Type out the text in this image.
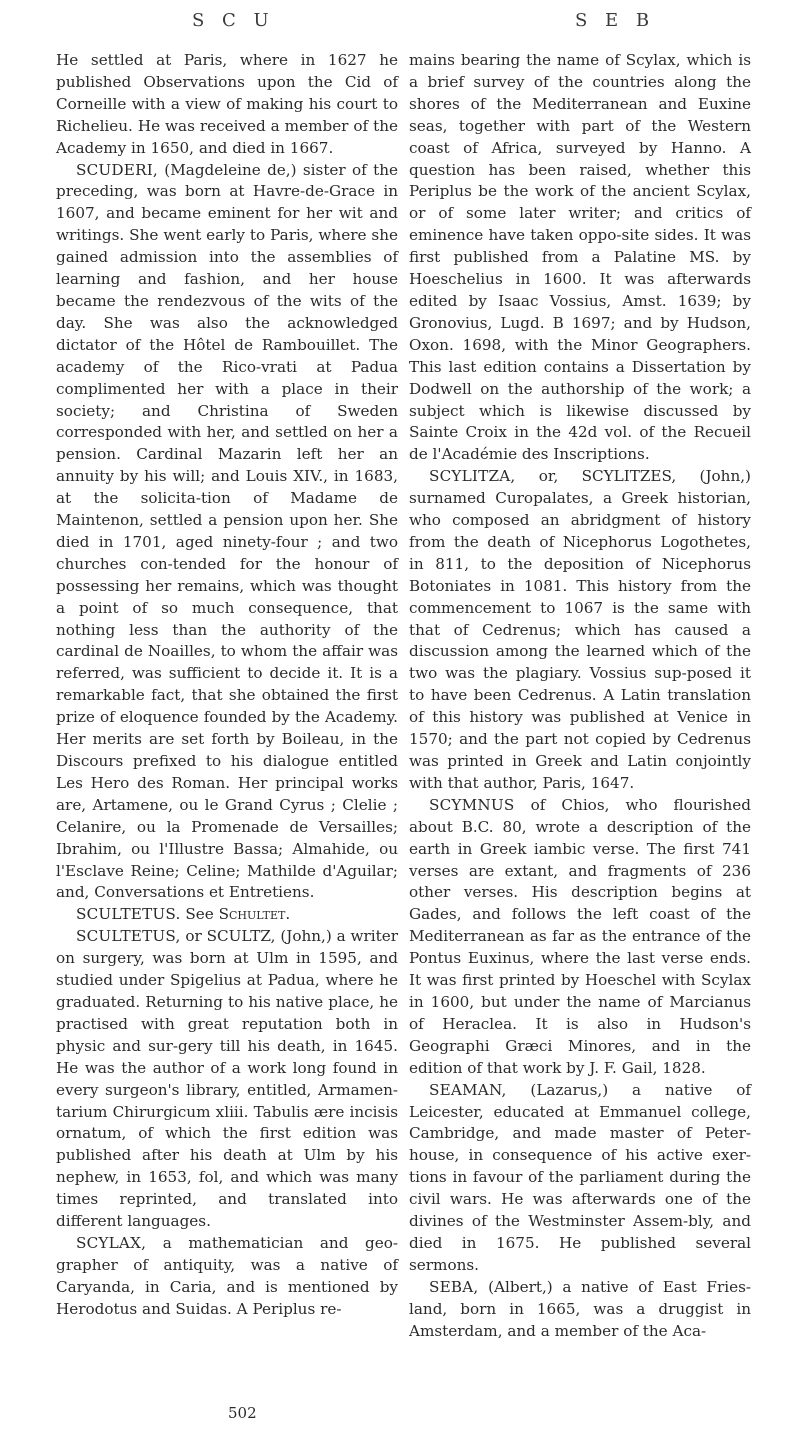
S C U	S E B

He settled at Paris, where in 1627 he published Observations upon the Cid of Corneille with a view of making his court to Richelieu. He was received a member of the Academy in 1650, and died in 1667.

SCUDERI, (Magdeleine de,) sister of the preceding, was born at Havre-de-Grace in 1607, and became eminent for her wit and writings. She went early to Paris, where she gained admission into the assemblies of learning and fashion, and her house became the rendezvous of the wits of the day. She was also the acknowledged dictator of the Hôtel de Rambouillet. The academy of the Rico-vrati at Padua complimented her with a place in their society; and Christina of Sweden corresponded with her, and settled on her a pension. Cardinal Mazarin left her an annuity by his will; and Louis XIV., in 1683, at the solicita-tion of Madame de Maintenon, settled a pension upon her. She died in 1701, aged ninety-four ; and two churches con-tended for the honour of possessing her remains, which was thought a point of so much consequence, that nothing less than the authority of the cardinal de Noailles, to whom the affair was referred, was sufficient to decide it. It is a remarkable fact, that she obtained the first prize of eloquence founded by the Academy. Her merits are set forth by Boileau, in the Discours prefixed to his dialogue entitled Les Hero des Roman. Her principal works are, Artamene, ou le Grand Cyrus ; Clelie ; Celanire, ou la Promenade de Versailles; Ibrahim, ou l'Illustre Bassa; Almahide, ou l'Esclave Reine; Celine; Mathilde d'Aguilar; and, Conversations et Entretiens.

SCULTETUS. See Schultet.

SCULTETUS, or SCULTZ, (John,) a writer on surgery, was born at Ulm in 1595, and studied under Spigelius at Padua, where he graduated. Returning to his native place, he practised with great reputation both in physic and sur-gery till his death, in 1645. He was the author of a work long found in every surgeon's library, entitled, Armamen-tarium Chirurgicum xliii. Tabulis ære incisis ornatum, of which the first edition was published after his death at Ulm by his nephew, in 1653, fol, and which was many times reprinted, and translated into different languages.

SCYLAX, a mathematician and geo-grapher of antiquity, was a native of Caryanda, in Caria, and is mentioned by Herodotus and Suidas. A Periplus re-

mains bearing the name of Scylax, which is a brief survey of the countries along the shores of the Mediterranean and Euxine seas, together with part of the Western coast of Africa, surveyed by Hanno. A question has been raised, whether this Periplus be the work of the ancient Scylax, or of some later writer; and critics of eminence have taken oppo-site sides. It was first published from a Palatine MS. by Hoeschelius in 1600. It was afterwards edited by Isaac Vossius, Amst. 1639; by Gronovius, Lugd. B 1697; and by Hudson, Oxon. 1698, with the Minor Geographers. This last edition contains a Dissertation by Dodwell on the authorship of the work; a subject which is likewise discussed by Sainte Croix in the 42d vol. of the Recueil de l'Académie des Inscriptions.

SCYLITZA, or, SCYLITZES, (John,) surnamed Curopalates, a Greek historian, who composed an abridgment of history from the death of Nicephorus Logothetes, in 811, to the deposition of Nicephorus Botoniates in 1081. This history from the commencement to 1067 is the same with that of Cedrenus; which has caused a discussion among the learned which of the two was the plagiary. Vossius sup-posed it to have been Cedrenus. A Latin translation of this history was published at Venice in 1570; and the part not copied by Cedrenus was printed in Greek and Latin conjointly with that author, Paris, 1647.

SCYMNUS of Chios, who flourished about B.C. 80, wrote a description of the earth in Greek iambic verse. The first 741 verses are extant, and fragments of 236 other verses. His description begins at Gades, and follows the left coast of the Mediterranean as far as the entrance of the Pontus Euxinus, where the last verse ends. It was first printed by Hoeschel with Scylax in 1600, but under the name of Marcianus of Heraclea. It is also in Hudson's Geographi Græci Minores, and in the edition of that work by J. F. Gail, 1828.

SEAMAN, (Lazarus,) a native of Leicester, educated at Emmanuel college, Cambridge, and made master of Peter-house, in consequence of his active exer-tions in favour of the parliament during the civil wars. He was afterwards one of the divines of the Westminster Assem-bly, and died in 1675. He published several sermons.

SEBA, (Albert,) a native of East Fries-land, born in 1665, was a druggist in Amsterdam, and a member of the Aca-

502
